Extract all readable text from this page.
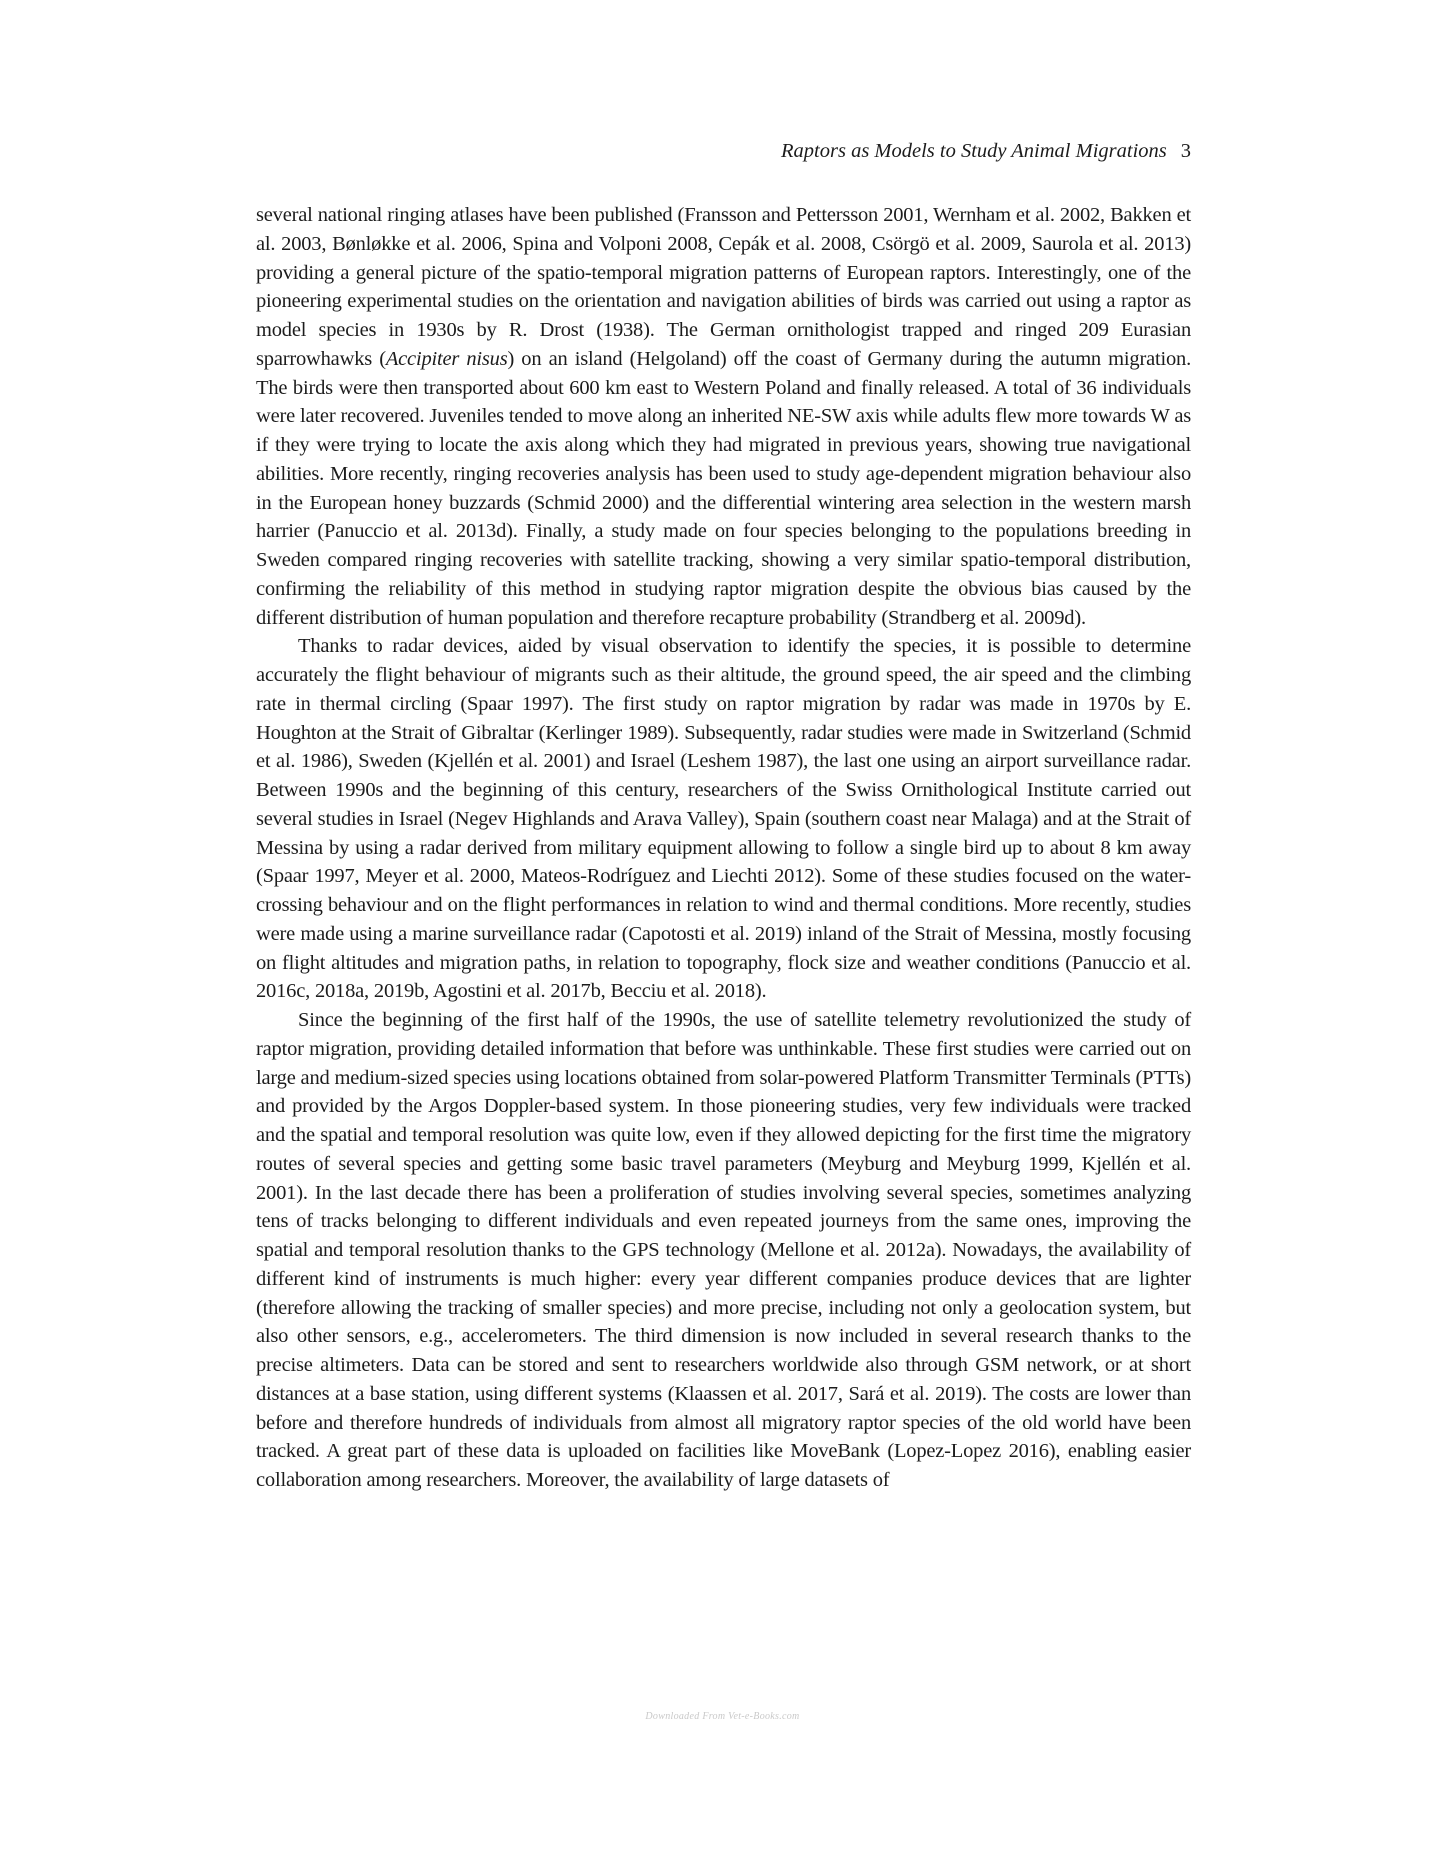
Raptors as Models to Study Animal Migrations 3

several national ringing atlases have been published (Fransson and Pettersson 2001, Wernham et al. 2002, Bakken et al. 2003, Bønløkke et al. 2006, Spina and Volponi 2008, Cepák et al. 2008, Csörgö et al. 2009, Saurola et al. 2013) providing a general picture of the spatio-temporal migration patterns of European raptors. Interestingly, one of the pioneering experimental studies on the orientation and navigation abilities of birds was carried out using a raptor as model species in 1930s by R. Drost (1938). The German ornithologist trapped and ringed 209 Eurasian sparrowhawks (Accipiter nisus) on an island (Helgoland) off the coast of Germany during the autumn migration. The birds were then transported about 600 km east to Western Poland and finally released. A total of 36 individuals were later recovered. Juveniles tended to move along an inherited NE-SW axis while adults flew more towards W as if they were trying to locate the axis along which they had migrated in previous years, showing true navigational abilities. More recently, ringing recoveries analysis has been used to study age-dependent migration behaviour also in the European honey buzzards (Schmid 2000) and the differential wintering area selection in the western marsh harrier (Panuccio et al. 2013d). Finally, a study made on four species belonging to the populations breeding in Sweden compared ringing recoveries with satellite tracking, showing a very similar spatio-temporal distribution, confirming the reliability of this method in studying raptor migration despite the obvious bias caused by the different distribution of human population and therefore recapture probability (Strandberg et al. 2009d).

Thanks to radar devices, aided by visual observation to identify the species, it is possible to determine accurately the flight behaviour of migrants such as their altitude, the ground speed, the air speed and the climbing rate in thermal circling (Spaar 1997). The first study on raptor migration by radar was made in 1970s by E. Houghton at the Strait of Gibraltar (Kerlinger 1989). Subsequently, radar studies were made in Switzerland (Schmid et al. 1986), Sweden (Kjellén et al. 2001) and Israel (Leshem 1987), the last one using an airport surveillance radar. Between 1990s and the beginning of this century, researchers of the Swiss Ornithological Institute carried out several studies in Israel (Negev Highlands and Arava Valley), Spain (southern coast near Malaga) and at the Strait of Messina by using a radar derived from military equipment allowing to follow a single bird up to about 8 km away (Spaar 1997, Meyer et al. 2000, Mateos-Rodríguez and Liechti 2012). Some of these studies focused on the water-crossing behaviour and on the flight performances in relation to wind and thermal conditions. More recently, studies were made using a marine surveillance radar (Capotosti et al. 2019) inland of the Strait of Messina, mostly focusing on flight altitudes and migration paths, in relation to topography, flock size and weather conditions (Panuccio et al. 2016c, 2018a, 2019b, Agostini et al. 2017b, Becciu et al. 2018).

Since the beginning of the first half of the 1990s, the use of satellite telemetry revolutionized the study of raptor migration, providing detailed information that before was unthinkable. These first studies were carried out on large and medium-sized species using locations obtained from solar-powered Platform Transmitter Terminals (PTTs) and provided by the Argos Doppler-based system. In those pioneering studies, very few individuals were tracked and the spatial and temporal resolution was quite low, even if they allowed depicting for the first time the migratory routes of several species and getting some basic travel parameters (Meyburg and Meyburg 1999, Kjellén et al. 2001). In the last decade there has been a proliferation of studies involving several species, sometimes analyzing tens of tracks belonging to different individuals and even repeated journeys from the same ones, improving the spatial and temporal resolution thanks to the GPS technology (Mellone et al. 2012a). Nowadays, the availability of different kind of instruments is much higher: every year different companies produce devices that are lighter (therefore allowing the tracking of smaller species) and more precise, including not only a geolocation system, but also other sensors, e.g., accelerometers. The third dimension is now included in several research thanks to the precise altimeters. Data can be stored and sent to researchers worldwide also through GSM network, or at short distances at a base station, using different systems (Klaassen et al. 2017, Sará et al. 2019). The costs are lower than before and therefore hundreds of individuals from almost all migratory raptor species of the old world have been tracked. A great part of these data is uploaded on facilities like MoveBank (Lopez-Lopez 2016), enabling easier collaboration among researchers. Moreover, the availability of large datasets of

Downloaded From Vet-e-Books.com
